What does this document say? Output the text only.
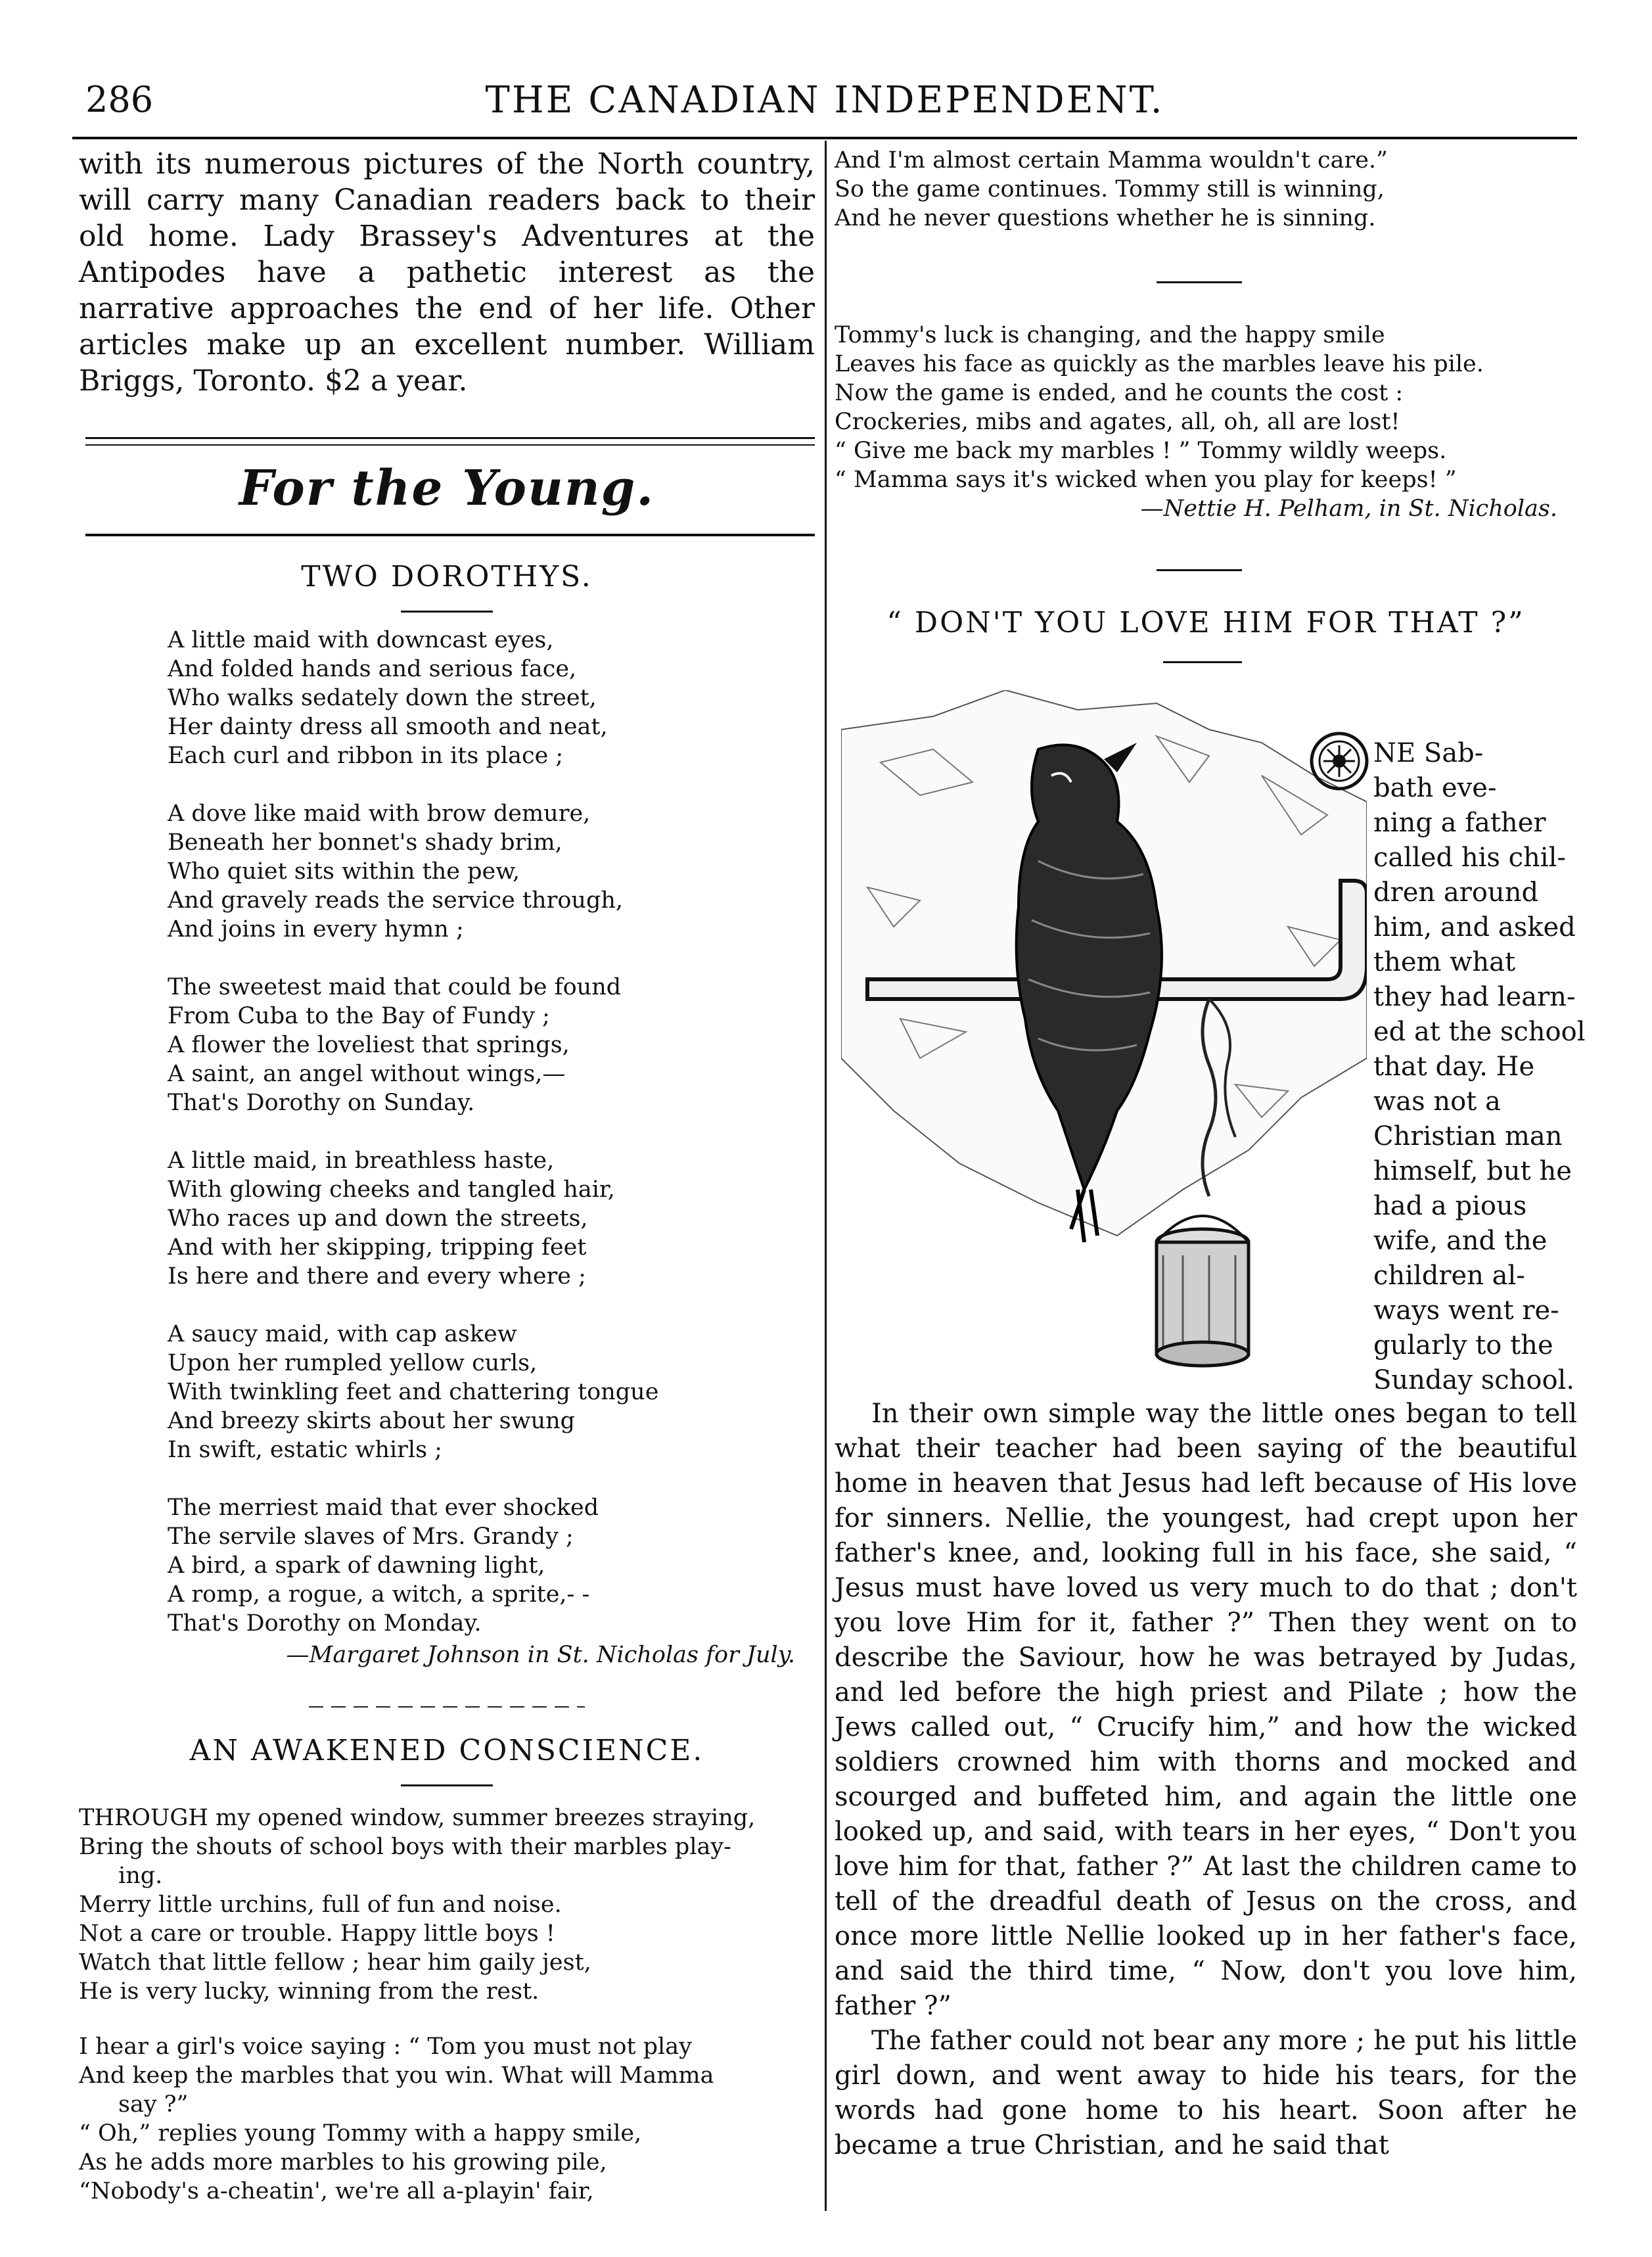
286	THE CANADIAN INDEPENDENT.
with its numerous pictures of the North country, will carry many Canadian readers back to their old home. Lady Brassey's Adventures at the Antipodes have a pathetic interest as the narrative approaches the end of her life. Other articles make up an excellent number. William Briggs, Toronto. $2 a year.
For the Young.
TWO DOROTHYS.
A little maid with downcast eyes,
And folded hands and serious face,
Who walks sedately down the street,
Her dainty dress all smooth and neat,
Each curl and ribbon in its place ;
A dove like maid with brow demure,
Beneath her bonnet's shady brim,
Who quiet sits within the pew,
And gravely reads the service through,
And joins in every hymn ;
The sweetest maid that could be found
From Cuba to the Bay of Fundy ;
A flower the loveliest that springs,
A saint, an angel without wings,—
That's Dorothy on Sunday.
A little maid, in breathless haste,
With glowing cheeks and tangled hair,
Who races up and down the streets,
And with her skipping, tripping feet
Is here and there and every where ;
A saucy maid, with cap askew
Upon her rumpled yellow curls,
With twinkling feet and chattering tongue
And breezy skirts about her swung
In swift, estatic whirls ;
The merriest maid that ever shocked
The servile slaves of Mrs. Grandy ;
A bird, a spark of dawning light,
A romp, a rogue, a witch, a sprite,- -
That's Dorothy on Monday.
—Margaret Johnson in St. Nicholas for July.
AN AWAKENED CONSCIENCE.
THROUGH my opened window, summer breezes straying,
Bring the shouts of school boys with their marbles play-
ing.
Merry little urchins, full of fun and noise.
Not a care or trouble. Happy little boys !
Watch that little fellow ; hear him gaily jest,
He is very lucky, winning from the rest.
I hear a girl's voice saying : “ Tom you must not play
And keep the marbles that you win. What will Mamma
say ?”
“ Oh,” replies young Tommy with a happy smile,
As he adds more marbles to his growing pile,
“Nobody's a-cheatin', we're all a-playin' fair,
And I'm almost certain Mamma wouldn't care.”
So the game continues. Tommy still is winning,
And he never questions whether he is sinning.
Tommy's luck is changing, and the happy smile
Leaves his face as quickly as the marbles leave his pile.
Now the game is ended, and he counts the cost :
Crockeries, mibs and agates, all, oh, all are lost!
“ Give me back my marbles ! ” Tommy wildly weeps.
“ Mamma says it's wicked when you play for keeps! ”
—Nettie H. Pelham, in St. Nicholas.
“ DON'T YOU LOVE HIM FOR THAT ?”
NE Sab-
bath eve-
ning a father
called his chil-
dren around
him, and asked
them what
they had learn-
ed at the school
that day. He
was not a
Christian man
himself, but he
had a pious
wife, and the
children al-
ways went re-
gularly to the
Sunday school.

In their own simple way the little ones began to tell what their teacher had been saying of the beautiful home in heaven that Jesus had left because of His love for sinners. Nellie, the youngest, had crept upon her father's knee, and, looking full in his face, she said, “ Jesus must have loved us very much to do that ; don't you love Him for it, father ?” Then they went on to describe the Saviour, how he was betrayed by Judas, and led before the high priest and Pilate ; how the Jews called out, “ Crucify him,” and how the wicked soldiers crowned him with thorns and mocked and scourged and buffeted him, and again the little one looked up, and said, with tears in her eyes, “ Don't you love him for that, father ?” At last the children came to tell of the dreadful death of Jesus on the cross, and once more little Nellie looked up in her father's face, and said the third time, “ Now, don't you love him, father ?”

The father could not bear any more ; he put his little girl down, and went away to hide his tears, for the words had gone home to his heart. Soon after he became a true Christian, and he said that
